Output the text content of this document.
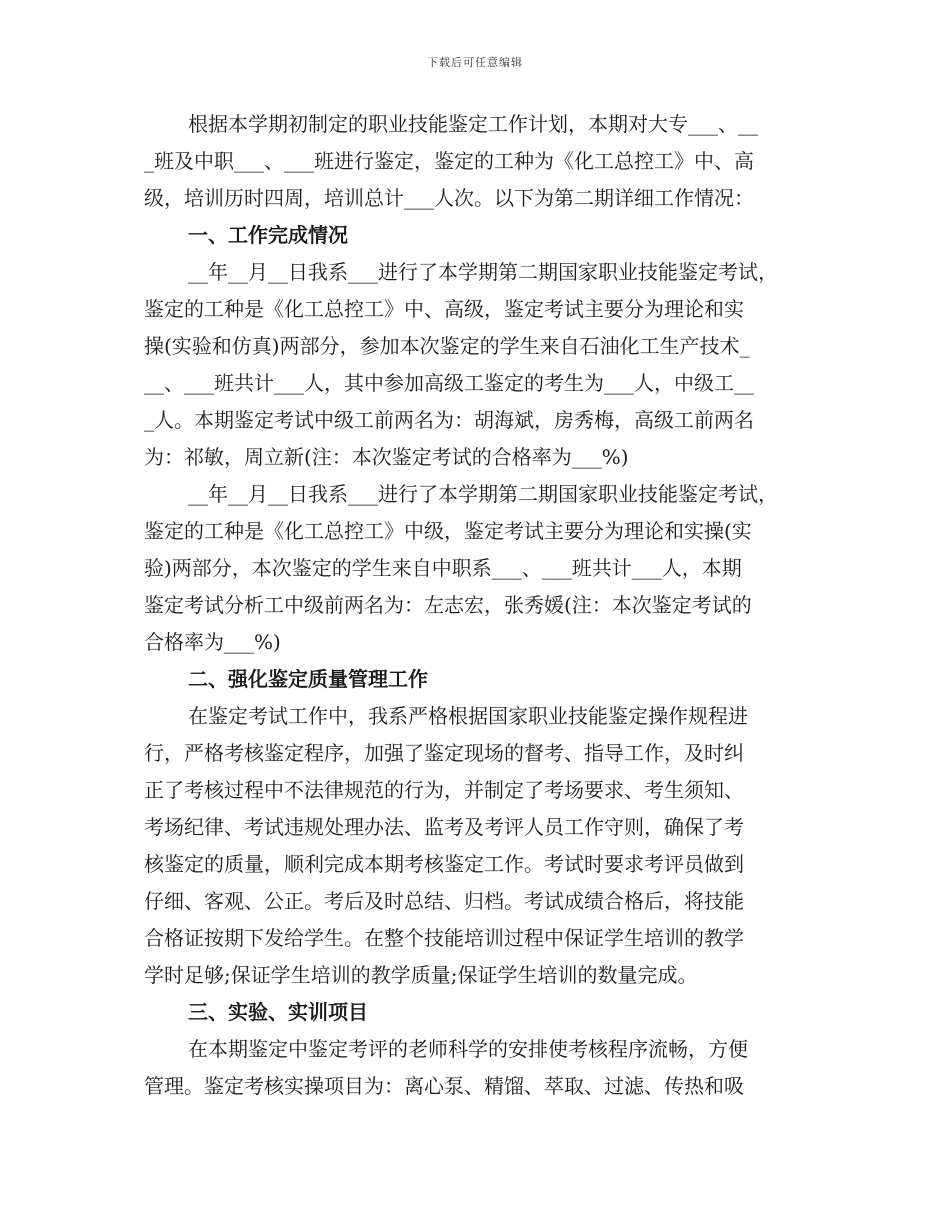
下载后可任意编辑
根据本学期初制定的职业技能鉴定工作计划，本期对大专___、__
_班及中职___、___班进行鉴定，鉴定的工种为《化工总控工》中、高
级，培训历时四周，培训总计___人次。以下为第二期详细工作情况：
一、工作完成情况
__年__月__日我系___进行了本学期第二期国家职业技能鉴定考试，
鉴定的工种是《化工总控工》中、高级，鉴定考试主要分为理论和实
操(实验和仿真)两部分，参加本次鉴定的学生来自石油化工生产技术_
__、___班共计___人，其中参加高级工鉴定的考生为___人，中级工__
_人。本期鉴定考试中级工前两名为：胡海斌，房秀梅，高级工前两名
为：祁敏，周立新(注：本次鉴定考试的合格率为___%)
__年__月__日我系___进行了本学期第二期国家职业技能鉴定考试，
鉴定的工种是《化工总控工》中级，鉴定考试主要分为理论和实操(实
验)两部分，本次鉴定的学生来自中职系___、___班共计___人，本期
鉴定考试分析工中级前两名为：左志宏，张秀媛(注：本次鉴定考试的
合格率为___%)
二、强化鉴定质量管理工作
在鉴定考试工作中，我系严格根据国家职业技能鉴定操作规程进
行，严格考核鉴定程序，加强了鉴定现场的督考、指导工作，及时纠
正了考核过程中不法律规范的行为，并制定了考场要求、考生须知、
考场纪律、考试违规处理办法、监考及考评人员工作守则，确保了考
核鉴定的质量，顺利完成本期考核鉴定工作。考试时要求考评员做到
仔细、客观、公正。考后及时总结、归档。考试成绩合格后，将技能
合格证按期下发给学生。在整个技能培训过程中保证学生培训的教学
学时足够;保证学生培训的教学质量;保证学生培训的数量完成。
三、实验、实训项目
在本期鉴定中鉴定考评的老师科学的安排使考核程序流畅，方便
管理。鉴定考核实操项目为：离心泵、精馏、萃取、过滤、传热和吸
